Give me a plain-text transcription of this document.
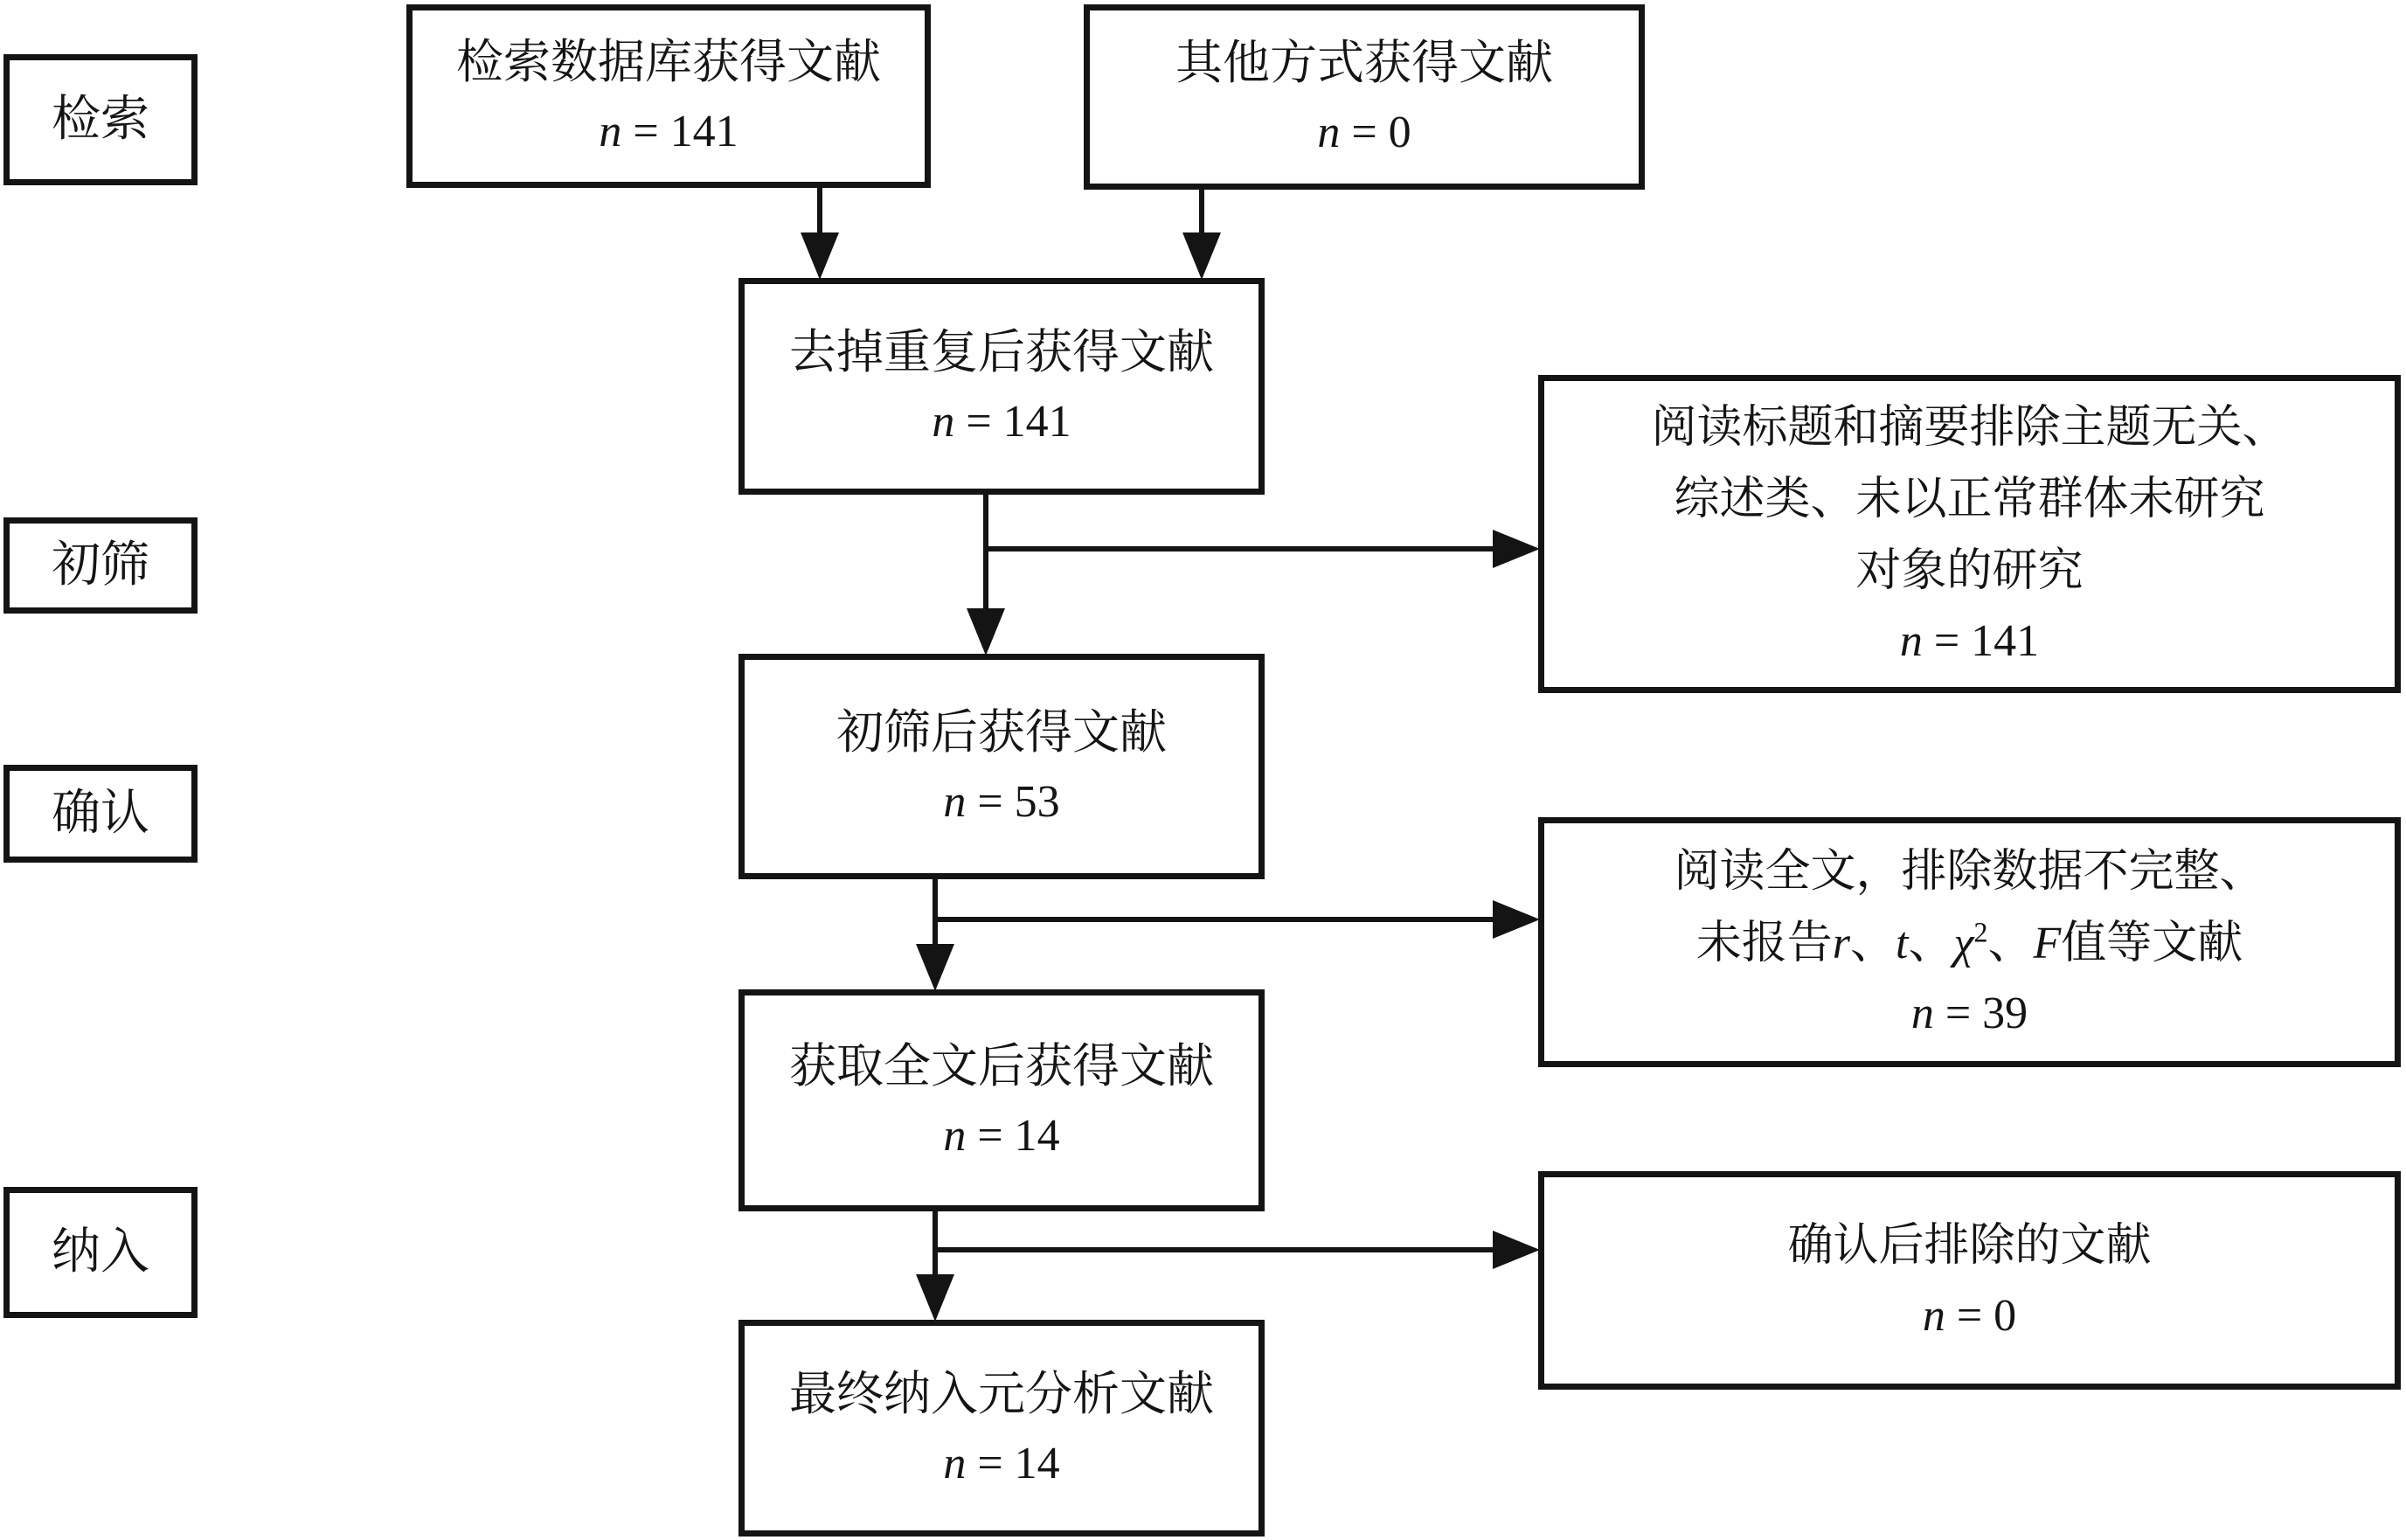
检索
初筛
确认
纳入
检索数据库获得文献
n = 141
其他方式获得文献
n = 0
去掉重复后获得文献
n = 141
初筛后获得文献
n = 53
获取全文后获得文献
n = 14
最终纳入元分析文献
n = 14
阅读标题和摘要排除主题无关、
综述类、未以正常群体未研究
对象的研究
n = 141
阅读全文，排除数据不完整、
未报告r、t、$\chi^2$、F值等文献
n = 39
确认后排除的文献
n = 0
